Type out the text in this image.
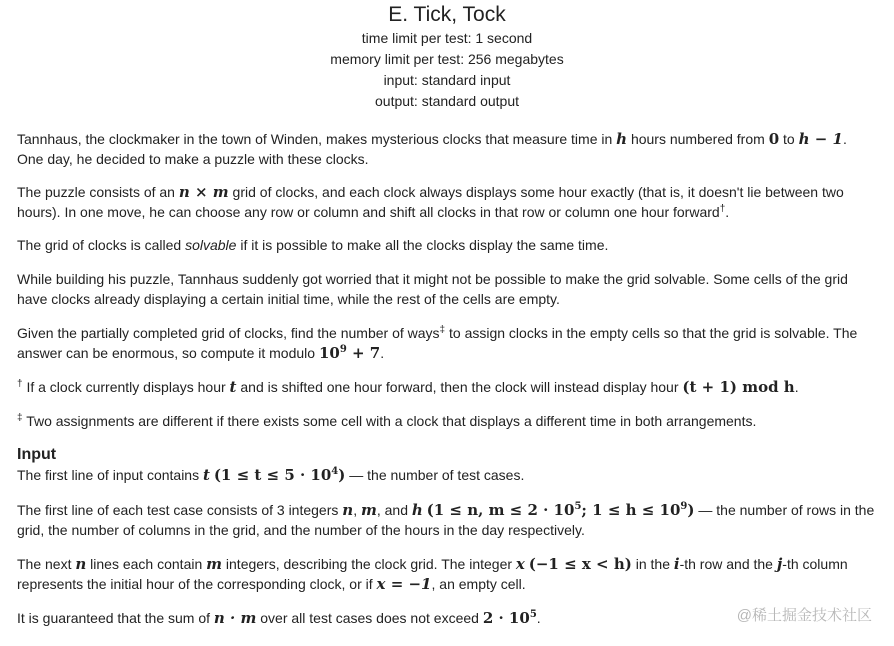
E. Tick, Tock
time limit per test: 1 second
memory limit per test: 256 megabytes
input: standard input
output: standard output

Tannhaus, the clockmaker in the town of Winden, makes mysterious clocks that measure time in h hours numbered from 0 to h − 1. One day, he decided to make a puzzle with these clocks.

The puzzle consists of an n × m grid of clocks, and each clock always displays some hour exactly (that is, it doesn't lie between two hours). In one move, he can choose any row or column and shift all clocks in that row or column one hour forward†.

The grid of clocks is called solvable if it is possible to make all the clocks display the same time.

While building his puzzle, Tannhaus suddenly got worried that it might not be possible to make the grid solvable. Some cells of the grid have clocks already displaying a certain initial time, while the rest of the cells are empty.

Given the partially completed grid of clocks, find the number of ways‡ to assign clocks in the empty cells so that the grid is solvable. The answer can be enormous, so compute it modulo $10^9 + 7$.

† If a clock currently displays hour t and is shifted one hour forward, then the clock will instead display hour (t + 1) mod h.

‡ Two assignments are different if there exists some cell with a clock that displays a different time in both arrangements.

Input

The first line of input contains t $(1 \le t \le 5 \cdot 10^4)$ — the number of test cases.

The first line of each test case consists of 3 integers n, m, and h (1 ≤ n, $m \le 2 \cdot 10^5$; $1 \le h \le 10^9$) — the number of rows in the grid, the number of columns in the grid, and the number of the hours in the day respectively.

The next n lines each contain m integers, describing the clock grid. The integer x (−1 ≤ x < h) in the i-th row and the j-th column represents the initial hour of the corresponding clock, or if x = −1, an empty cell.

It is guaranteed that the sum of n · m over all test cases does not exceed $2 \cdot 10^5$.	@稀土掘金技术社区
